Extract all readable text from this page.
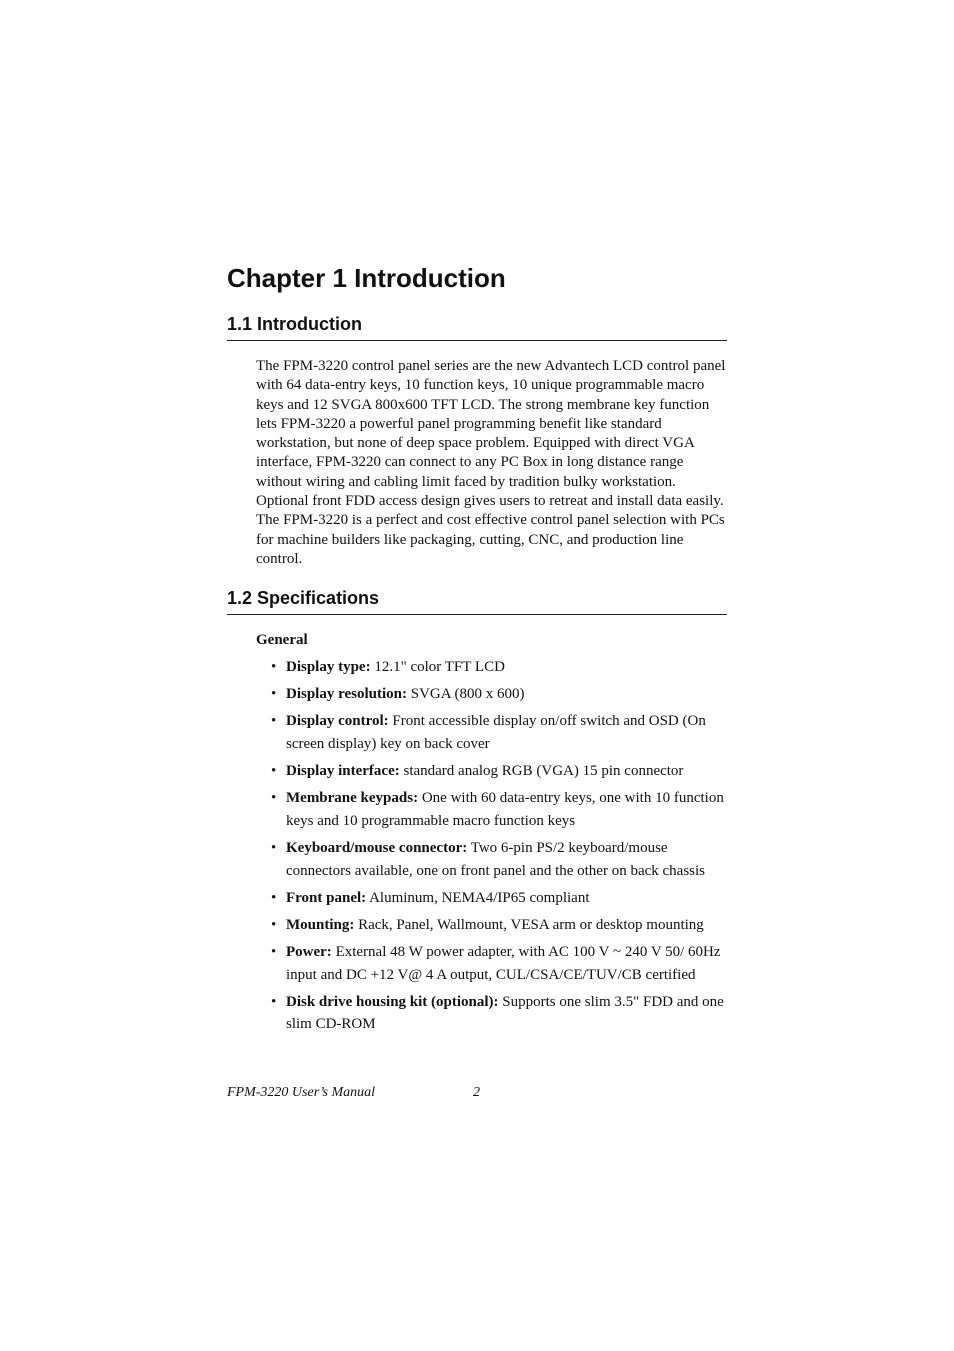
Chapter 1 Introduction
1.1 Introduction

The FPM-3220 control panel series are the new Advantech LCD control panel with 64 data-entry keys, 10 function keys, 10 unique programmable macro keys and 12 SVGA 800x600 TFT LCD. The strong membrane key function lets FPM-3220 a powerful panel programming benefit like standard workstation, but none of deep space problem. Equipped with direct VGA interface, FPM-3220 can connect to any PC Box in long distance range without wiring and cabling limit faced by tradition bulky workstation. Optional front FDD access design gives users to retreat and install data easily. The FPM-3220 is a perfect and cost effective control panel selection with PCs for machine builders like packaging, cutting, CNC, and production line control.

1.2 Specifications
General
• Display type: 12.1" color TFT LCD
• Display resolution: SVGA (800 x 600)
• Display control: Front accessible display on/off switch and OSD (On screen display) key on back cover
• Display interface: standard analog RGB (VGA) 15 pin connector
• Membrane keypads: One with 60 data-entry keys, one with 10 function keys and 10 programmable macro function keys
• Keyboard/mouse connector: Two 6-pin PS/2 keyboard/mouse connectors available, one on front panel and the other on back chassis
• Front panel: Aluminum, NEMA4/IP65 compliant
• Mounting: Rack, Panel, Wallmount, VESA arm or desktop mounting
• Power: External 48 W power adapter, with AC 100 V ~ 240 V 50/ 60Hz input and DC +12 V@ 4 A output, CUL/CSA/CE/TUV/CB certified
• Disk drive housing kit (optional): Supports one slim 3.5" FDD and one slim CD-ROM

FPM-3220 User’s Manual	2
